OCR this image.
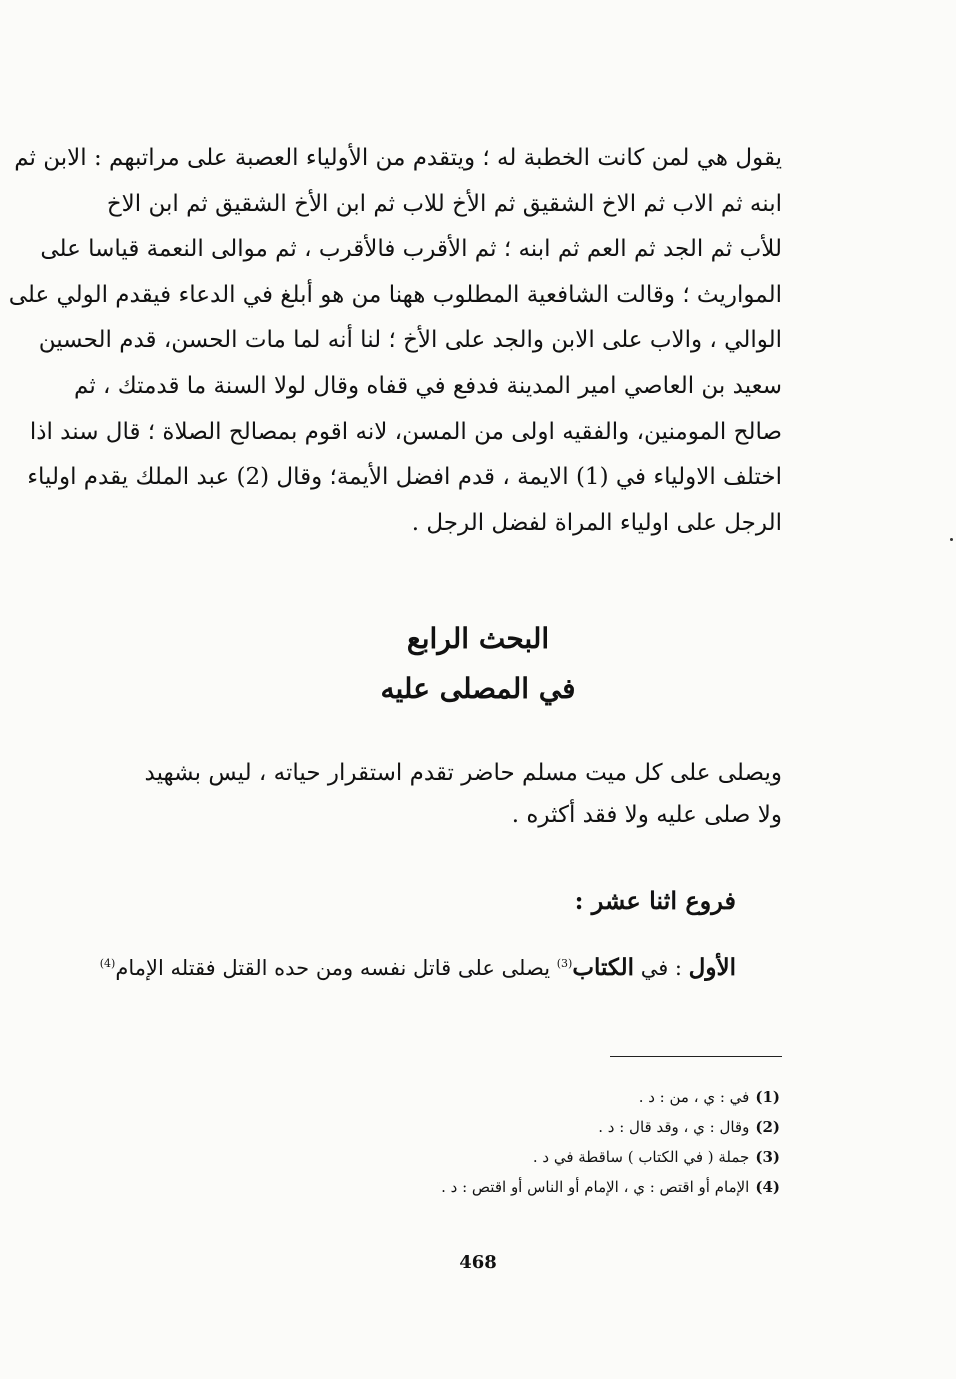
يقول هي لمن كانت الخطبة له ؛ ويتقدم من الأولياء العصبة على مراتبهم : الابن ثم
ابنه ثم الاب ثم الاخ الشقيق ثم الأخ للاب ثم ابن الأخ الشقيق ثم ابن الاخ
للأب ثم الجد ثم العم ثم ابنه ؛ ثم الأقرب فالأقرب ، ثم موالى النعمة قياسا على
المواريث ؛ وقالت الشافعية المطلوب ههنا من هو أبلغ في الدعاء فيقدم الولي على
الوالي ، والاب على الابن والجد على الأخ ؛ لنا أنه لما مات الحسن، قدم الحسين
سعيد بن العاصي امير المدينة فدفع في قفاه وقال لولا السنة ما قدمتك ، ثم
صالح المومنين، والفقيه اولى من المسن، لانه اقوم بمصالح الصلاة ؛ قال سند اذا
اختلف الاولياء في (1) الايمة ، قدم افضل الأيمة؛ وقال (2) عبد الملك يقدم اولياء
الرجل على اولياء المراة لفضل الرجل .
البحث الرابع
في المصلى عليه
ويصلى على كل ميت مسلم حاضر تقدم استقرار حياته ، ليس بشهيد
ولا صلى عليه ولا فقد أكثره .
فروع اثنا عشر :
الأول : في الكتاب$^{(3)}$ يصلى على قاتل نفسه ومن حده القتل فقتله الإمام$^{(4)}$
(1)في : ي ، من : د .
(2)وقال : ي ، وقد قال : د .
(3)جملة ( في الكتاب ) ساقطة في د .
(4)الإمام أو اقتص : ي ، الإمام أو الناس أو اقتص : د .
468
